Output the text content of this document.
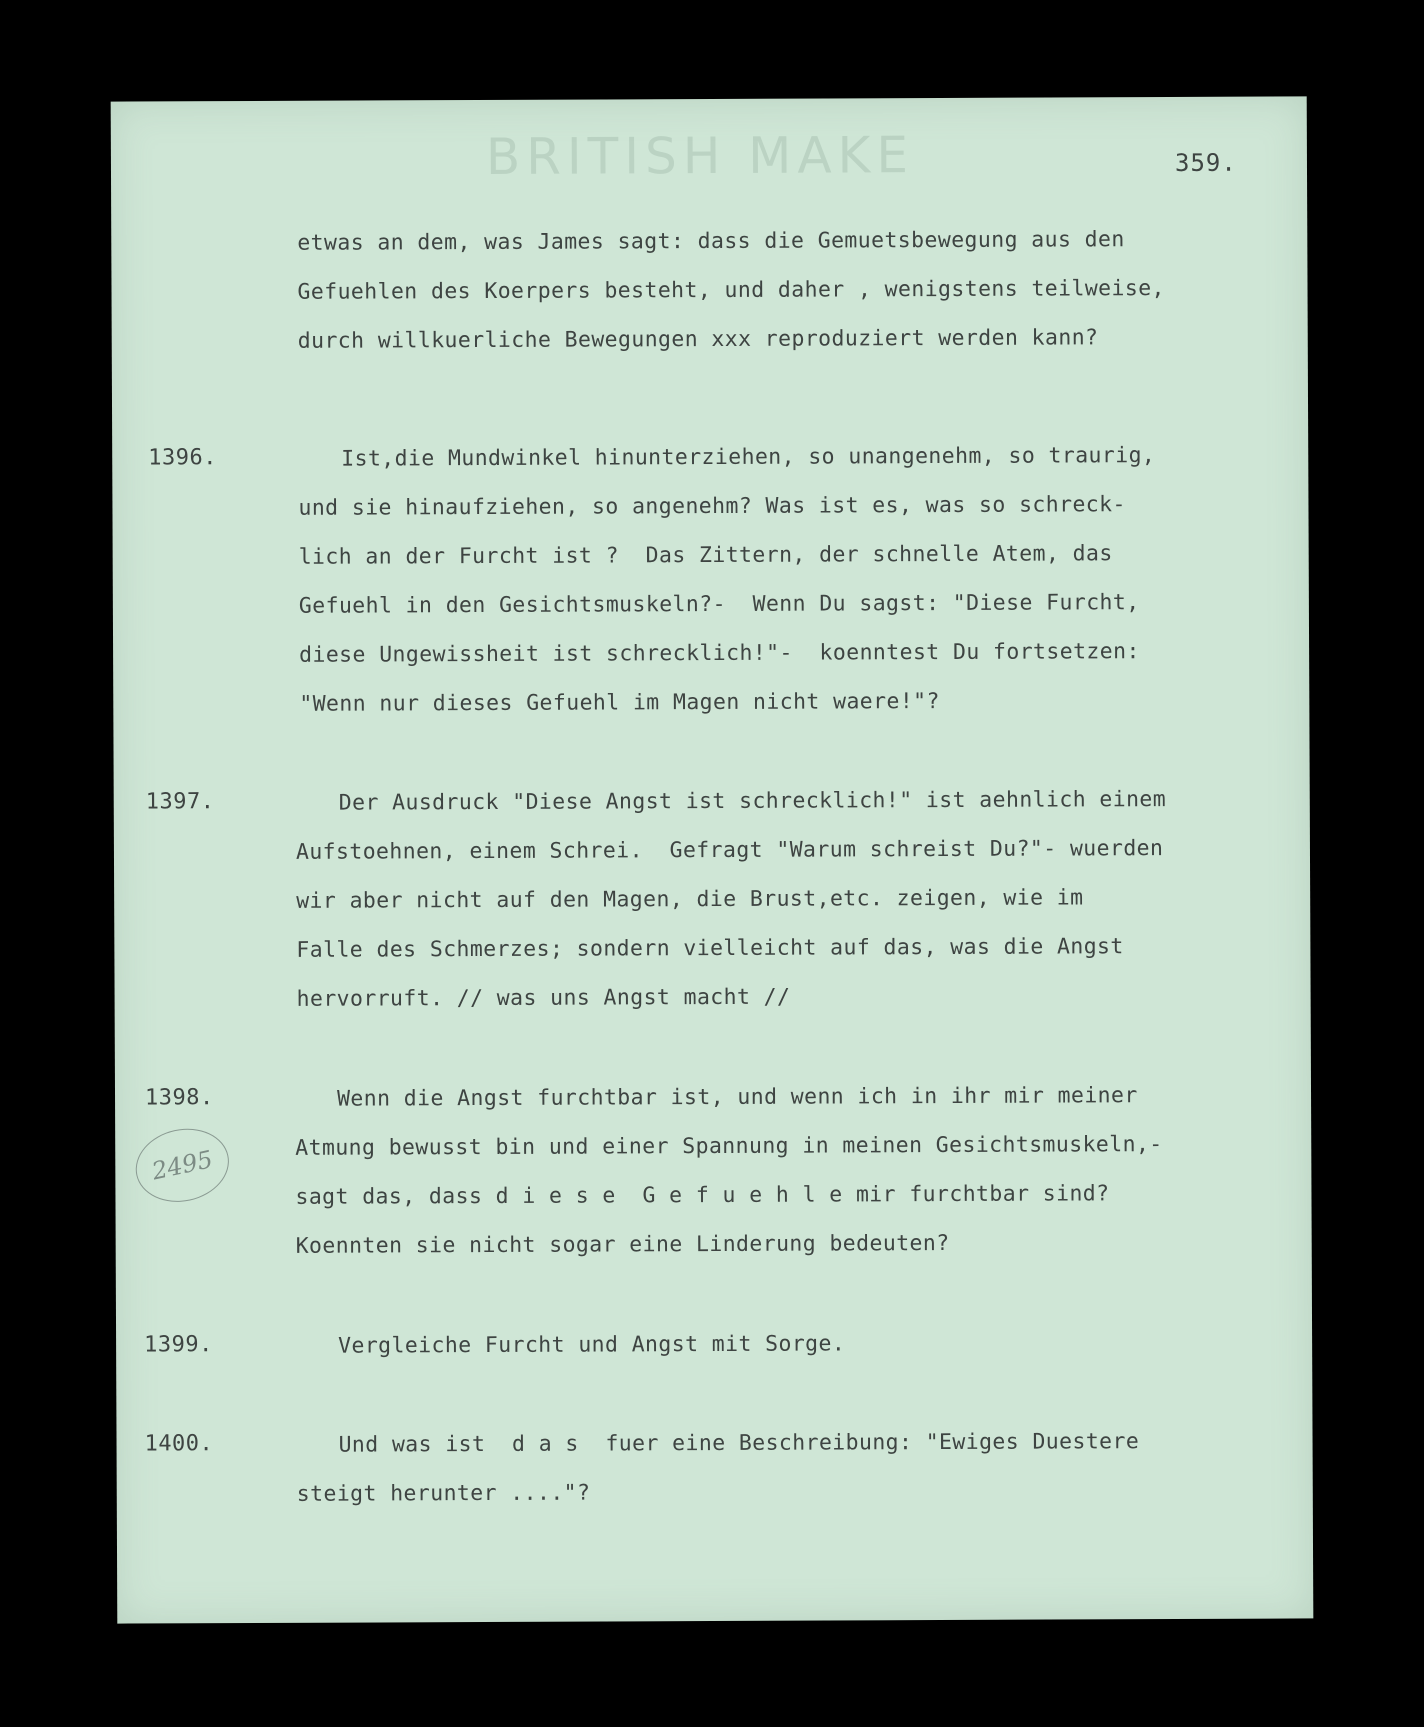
BRITISH MAKE	359.
etwas an dem, was James sagt: dass die Gemuetsbewegung aus den
Gefuehlen des Koerpers besteht, und daher , wenigstens teilweise,
durch willkuerliche Bewegungen xxx reproduziert werden kann?
1396.	Ist,die Mundwinkel hinunterziehen, so unangenehm, so traurig,
und sie hinaufziehen, so angenehm? Was ist es, was so schreck-
lich an der Furcht ist ?  Das Zittern, der schnelle Atem, das
Gefuehl in den Gesichtsmuskeln?-  Wenn Du sagst: "Diese Furcht,
diese Ungewissheit ist schrecklich!"-  koenntest Du fortsetzen:
"Wenn nur dieses Gefuehl im Magen nicht waere!"?
1397.	Der Ausdruck "Diese Angst ist schrecklich!" ist aehnlich einem
Aufstoehnen, einem Schrei.  Gefragt "Warum schreist Du?"- wuerden
wir aber nicht auf den Magen, die Brust,etc. zeigen, wie im
Falle des Schmerzes; sondern vielleicht auf das, was die Angst
hervorruft. // was uns Angst macht //
1398.
2495
Wenn die Angst furchtbar ist, und wenn ich in ihr mir meiner
Atmung bewusst bin und einer Spannung in meinen Gesichtsmuskeln,-
sagt das, dass d i e s e  G e f u e h l e mir furchtbar sind?
Koennten sie nicht sogar eine Linderung bedeuten?
1399.	Vergleiche Furcht und Angst mit Sorge.
1400.	Und was ist  d a s  fuer eine Beschreibung: "Ewiges Duestere
steigt herunter ...."?
